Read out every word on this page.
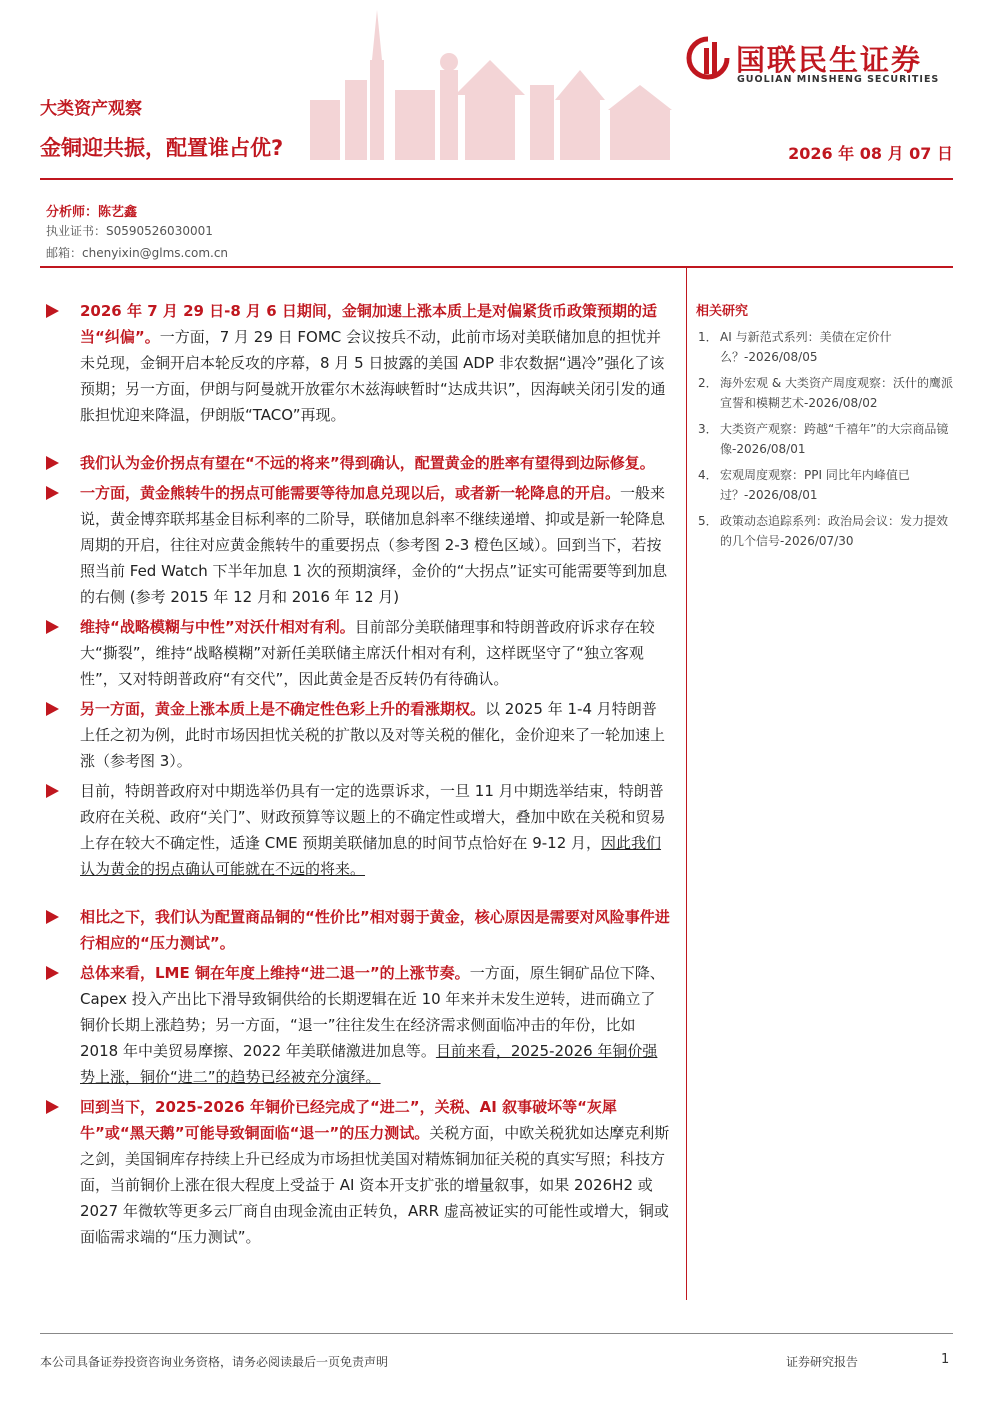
国联民生证券
GUOLIAN MINSHENG SECURITIES
大类资产观察
金铜迎共振，配置谁占优?	2026 年 08 月 07 日
分析师：陈艺鑫
执业证书：S0590526030001
邮箱：chenyixin@glms.com.cn

2026 年 7 月 29 日-8 月 6 日期间，金铜加速上涨本质上是对偏紧货币政策预期的适当“纠偏”。一方面，7 月 29 日 FOMC 会议按兵不动，此前市场对美联储加息的担忧并未兑现，金铜开启本轮反攻的序幕，8 月 5 日披露的美国 ADP 非农数据“遇冷”强化了该预期；另一方面，伊朗与阿曼就开放霍尔木兹海峡暂时“达成共识”，因海峡关闭引发的通胀担忧迎来降温，伊朗版“TACO”再现。

我们认为金价拐点有望在“不远的将来”得到确认，配置黄金的胜率有望得到边际修复。

一方面，黄金熊转牛的拐点可能需要等待加息兑现以后，或者新一轮降息的开启。一般来说，黄金博弈联邦基金目标利率的二阶导，联储加息斜率不继续递增、抑或是新一轮降息周期的开启，往往对应黄金熊转牛的重要拐点（参考图 2-3 橙色区域）。回到当下，若按照当前 Fed Watch 下半年加息 1 次的预期演绎，金价的“大拐点”证实可能需要等到加息的右侧 (参考 2015 年 12 月和 2016 年 12 月)

维持“战略模糊与中性”对沃什相对有利。目前部分美联储理事和特朗普政府诉求存在较大“撕裂”，维持“战略模糊”对新任美联储主席沃什相对有利，这样既坚守了“独立客观性”，又对特朗普政府“有交代”，因此黄金是否反转仍有待确认。

另一方面，黄金上涨本质上是不确定性色彩上升的看涨期权。以 2025 年 1-4 月特朗普上任之初为例，此时市场因担忧关税的扩散以及对等关税的催化，金价迎来了一轮加速上涨（参考图 3）。

目前，特朗普政府对中期选举仍具有一定的选票诉求，一旦 11 月中期选举结束，特朗普政府在关税、政府“关门”、财政预算等议题上的不确定性或增大，叠加中欧在关税和贸易上存在较大不确定性，适逢 CME 预期美联储加息的时间节点恰好在 9-12 月，因此我们认为黄金的拐点确认可能就在不远的将来。

相比之下，我们认为配置商品铜的“性价比”相对弱于黄金，核心原因是需要对风险事件进行相应的“压力测试”。

总体来看，LME 铜在年度上维持“进二退一”的上涨节奏。一方面，原生铜矿品位下降、Capex 投入产出比下滑导致铜供给的长期逻辑在近 10 年来并未发生逆转，进而确立了铜价长期上涨趋势；另一方面，“退一”往往发生在经济需求侧面临冲击的年份，比如 2018 年中美贸易摩擦、2022 年美联储激进加息等。目前来看，2025-2026 年铜价强势上涨，铜价“进二”的趋势已经被充分演绎。

回到当下，2025-2026 年铜价已经完成了“进二”，关税、AI 叙事破坏等“灰犀牛”或“黑天鹅”可能导致铜面临“退一”的压力测试。关税方面，中欧关税犹如达摩克利斯之剑，美国铜库存持续上升已经成为市场担忧美国对精炼铜加征关税的真实写照；科技方面，当前铜价上涨在很大程度上受益于 AI 资本开支扩张的增量叙事，如果 2026H2 或 2027 年微软等更多云厂商自由现金流由正转负，ARR 虚高被证实的可能性或增大，铜或面临需求端的“压力测试”。

相关研究
1． AI 与新范式系列：美债在定价什么？-2026/08/05
2． 海外宏观 & 大类资产周度观察：沃什的鹰派宣誓和模糊艺术-2026/08/02
3． 大类资产观察：跨越“千禧年”的大宗商品镜像-2026/08/01
4． 宏观周度观察：PPI 同比年内峰值已过？-2026/08/01
5． 政策动态追踪系列：政治局会议：发力提效的几个信号-2026/07/30
本公司具备证券投资咨询业务资格，请务必阅读最后一页免责声明	证券研究报告	1
